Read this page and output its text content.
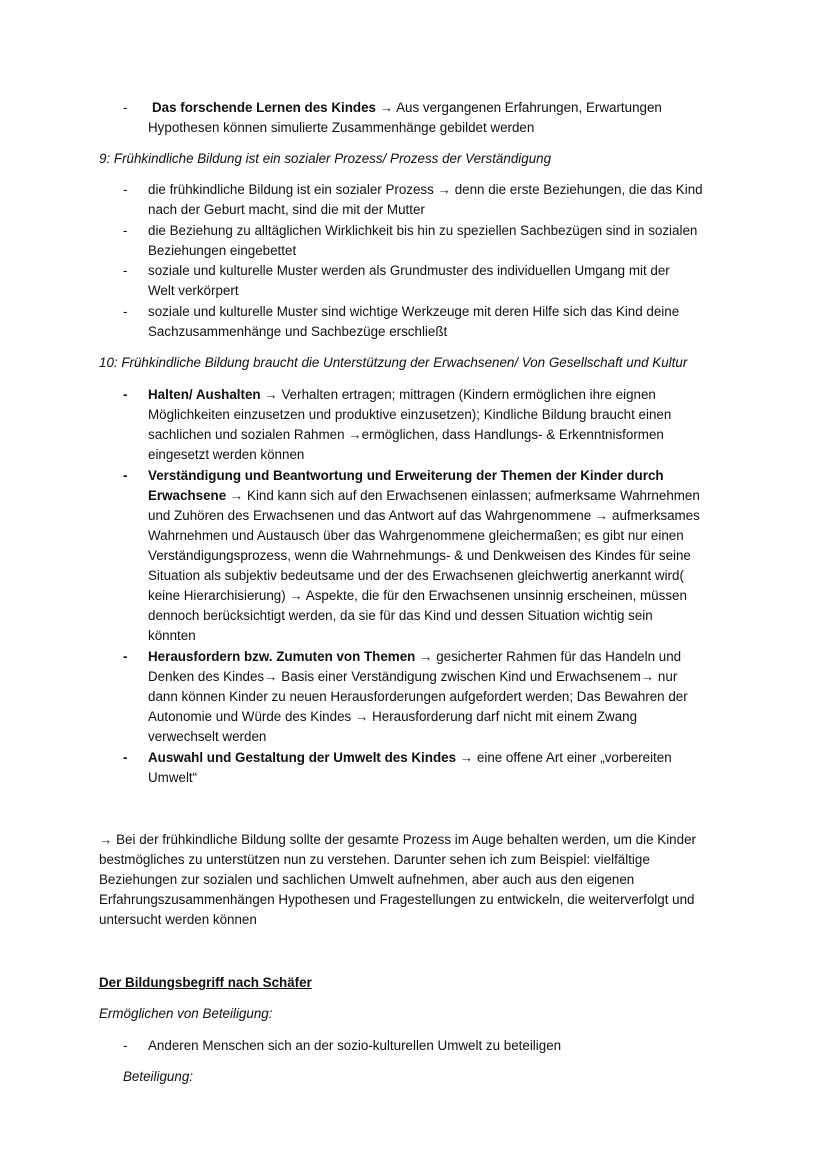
- Das forschende Lernen des Kindes → Aus vergangenen Erfahrungen, Erwartungen
Hypothesen können simulierte Zusammenhänge gebildet werden
9: Frühkindliche Bildung ist ein sozialer Prozess/ Prozess der Verständigung
- die frühkindliche Bildung ist ein sozialer Prozess → denn die erste Beziehungen, die das Kind
nach der Geburt macht, sind die mit der Mutter
- die Beziehung zu alltäglichen Wirklichkeit bis hin zu speziellen Sachbezügen sind in sozialen
Beziehungen eingebettet
- soziale und kulturelle Muster werden als Grundmuster des individuellen Umgang mit der
Welt verkörpert
- soziale und kulturelle Muster sind wichtige Werkzeuge mit deren Hilfe sich das Kind deine
Sachzusammenhänge und Sachbezüge erschließt
10: Frühkindliche Bildung braucht die Unterstützung der Erwachsenen/ Von Gesellschaft und Kultur
- Halten/ Aushalten → Verhalten ertragen; mittragen (Kindern ermöglichen ihre eignen
Möglichkeiten einzusetzen und produktive einzusetzen); Kindliche Bildung braucht einen
sachlichen und sozialen Rahmen →ermöglichen, dass Handlungs- & Erkenntnisformen
eingesetzt werden können
- Verständigung und Beantwortung und Erweiterung der Themen der Kinder durch
Erwachsene → Kind kann sich auf den Erwachsenen einlassen; aufmerksame Wahrnehmen
und Zuhören des Erwachsenen und das Antwort auf das Wahrgenommene → aufmerksames
Wahrnehmen und Austausch über das Wahrgenommene gleichermaßen; es gibt nur einen
Verständigungsprozess, wenn die Wahrnehmungs- & und Denkweisen des Kindes für seine
Situation als subjektiv bedeutsame und der des Erwachsenen gleichwertig anerkannt wird(
keine Hierarchisierung) → Aspekte, die für den Erwachsenen unsinnig erscheinen, müssen
dennoch berücksichtigt werden, da sie für das Kind und dessen Situation wichtig sein
könnten
- Herausfordern bzw. Zumuten von Themen → gesicherter Rahmen für das Handeln und
Denken des Kindes→ Basis einer Verständigung zwischen Kind und Erwachsenem→ nur
dann können Kinder zu neuen Herausforderungen aufgefordert werden; Das Bewahren der
Autonomie und Würde des Kindes → Herausforderung darf nicht mit einem Zwang
verwechselt werden
- Auswahl und Gestaltung der Umwelt des Kindes → eine offene Art einer „vorbereiten
Umwelt“
→ Bei der frühkindliche Bildung sollte der gesamte Prozess im Auge behalten werden, um die Kinder
bestmögliches zu unterstützen nun zu verstehen. Darunter sehen ich zum Beispiel: vielfältige
Beziehungen zur sozialen und sachlichen Umwelt aufnehmen, aber auch aus den eigenen
Erfahrungszusammenhängen Hypothesen und Fragestellungen zu entwickeln, die weiterverfolgt und
untersucht werden können
Der Bildungsbegriff nach Schäfer
Ermöglichen von Beteiligung:
- Anderen Menschen sich an der sozio-kulturellen Umwelt zu beteiligen
Beteiligung:
